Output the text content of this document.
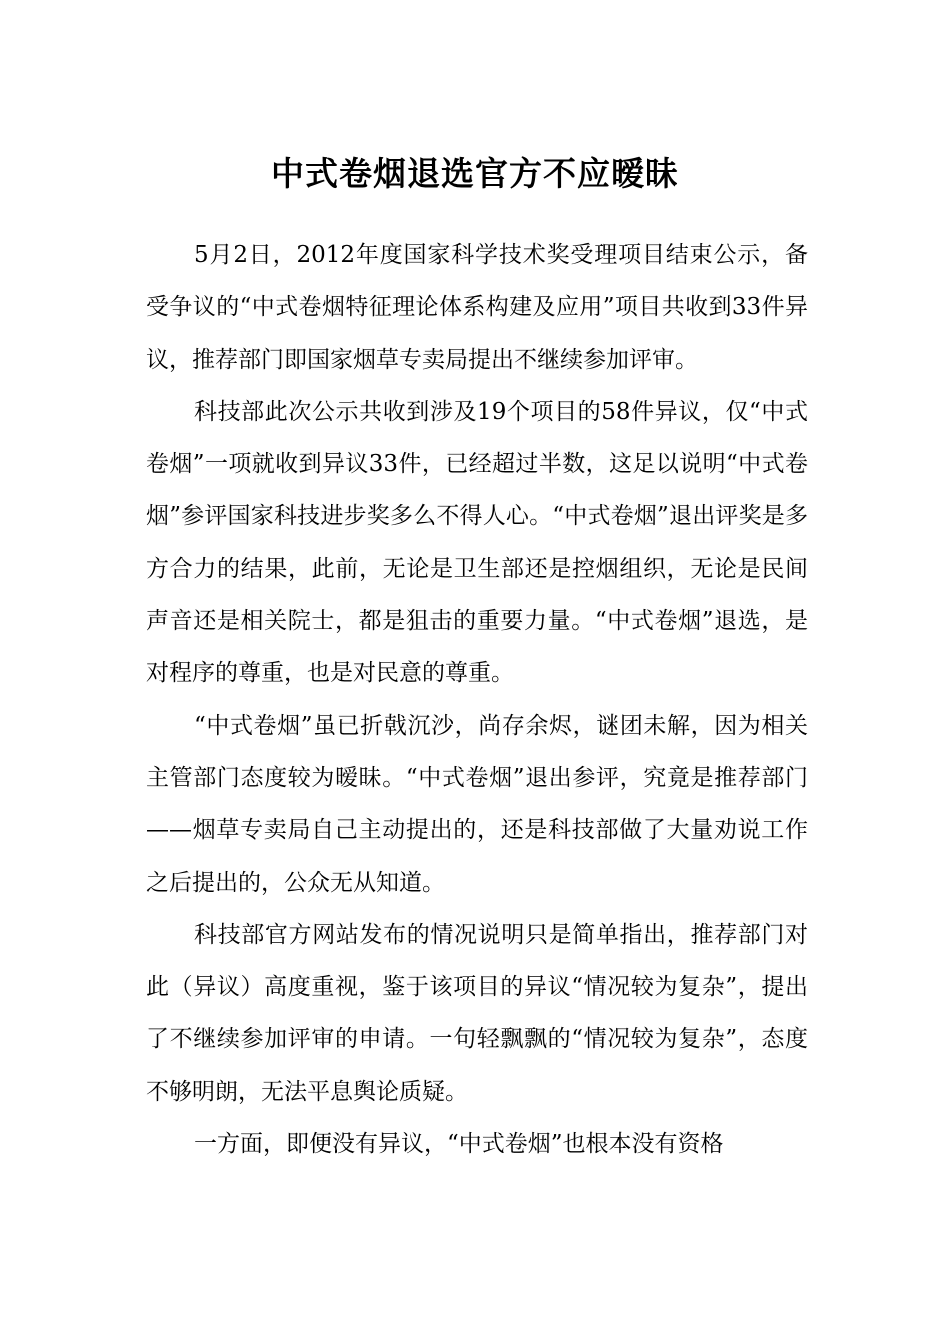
中式卷烟退选官方不应暧昧

5月2日，2012年度国家科学技术奖受理项目结束公示，备受争议的“中式卷烟特征理论体系构建及应用”项目共收到33件异议，推荐部门即国家烟草专卖局提出不继续参加评审。

科技部此次公示共收到涉及19个项目的58件异议，仅“中式卷烟”一项就收到异议33件，已经超过半数，这足以说明“中式卷烟”参评国家科技进步奖多么不得人心。“中式卷烟”退出评奖是多方合力的结果，此前，无论是卫生部还是控烟组织，无论是民间声音还是相关院士，都是狙击的重要力量。“中式卷烟”退选，是对程序的尊重，也是对民意的尊重。

“中式卷烟”虽已折戟沉沙，尚存余烬，谜团未解，因为相关主管部门态度较为暧昧。“中式卷烟”退出参评，究竟是推荐部门——烟草专卖局自己主动提出的，还是科技部做了大量劝说工作之后提出的，公众无从知道。

科技部官方网站发布的情况说明只是简单指出，推荐部门对此（异议）高度重视，鉴于该项目的异议“情况较为复杂”，提出了不继续参加评审的申请。一句轻飘飘的“情况较为复杂”，态度不够明朗，无法平息舆论质疑。

一方面，即便没有异议，“中式卷烟”也根本没有资格
